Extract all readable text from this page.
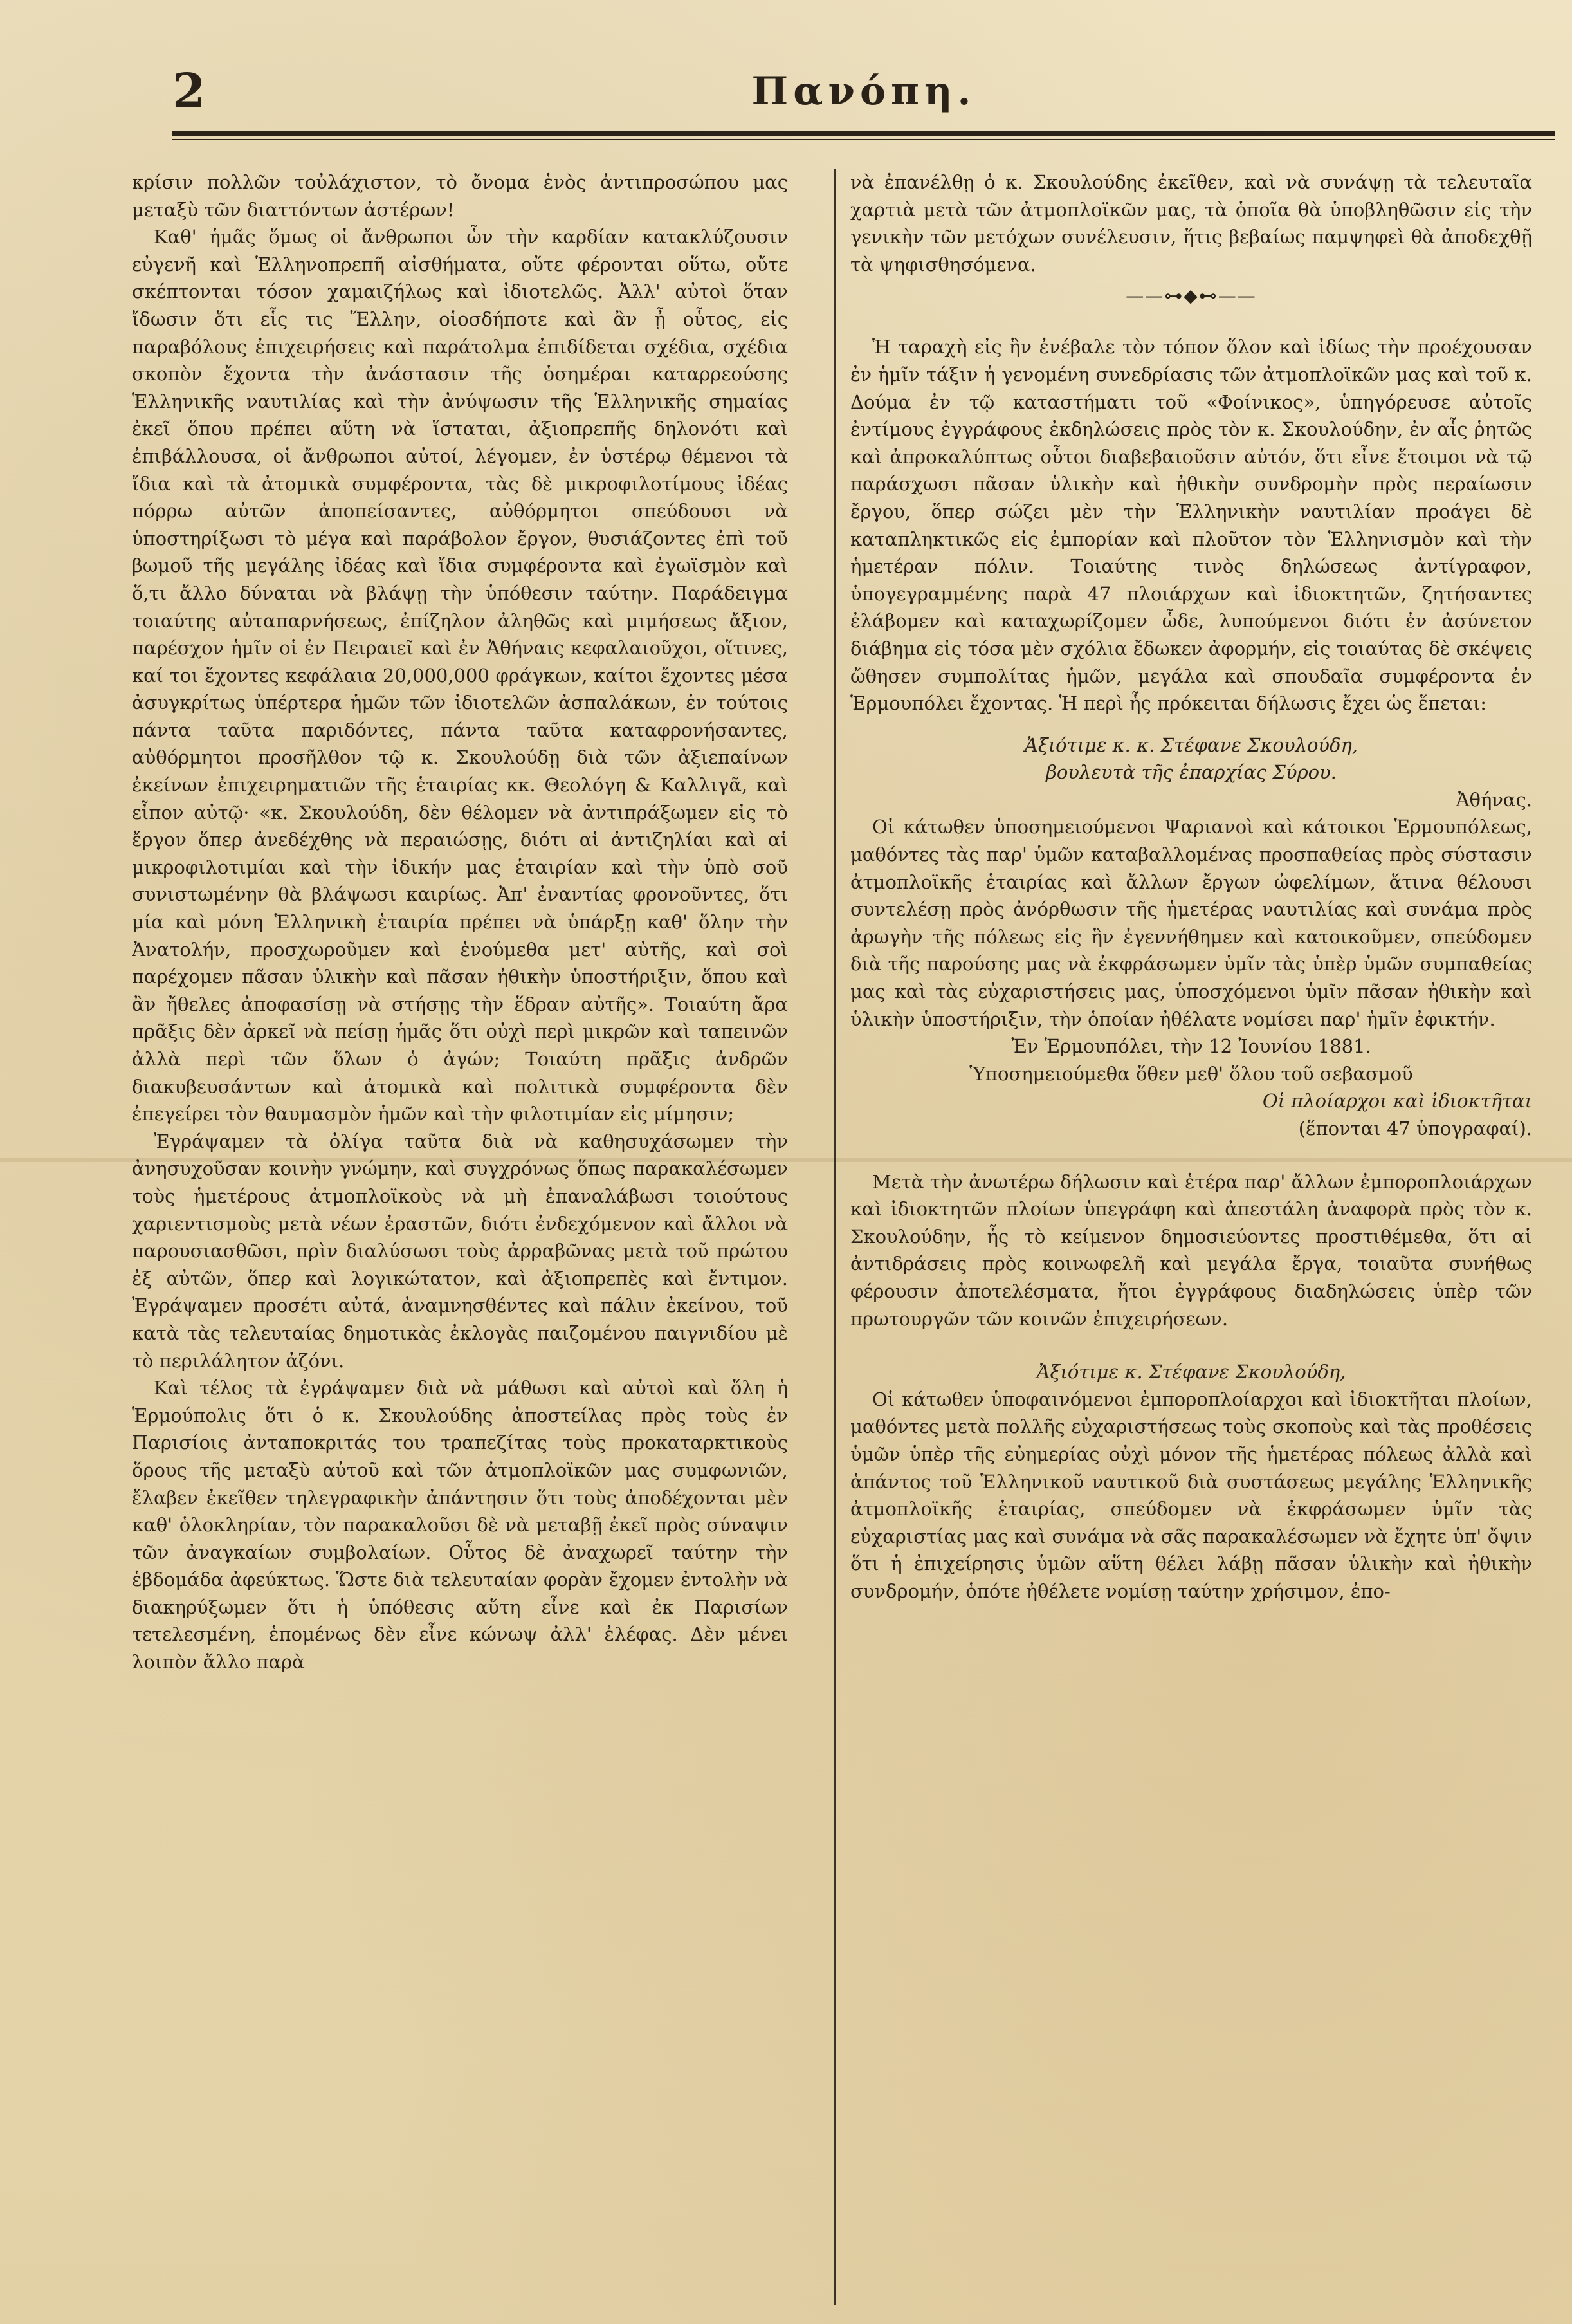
2	Πανόπη.

κρίσιν πολλῶν τοὐλάχιστον, τὸ ὄνομα ἑνὸς ἀντιπροσώπου μας μεταξὺ τῶν διαττόντων ἀστέρων!

Καθ' ἡμᾶς ὅμως οἱ ἄνθρωποι ὧν τὴν καρδίαν κατακλύζουσιν εὐγενῆ καὶ Ἑλληνοπρεπῆ αἰσθήματα, οὔτε φέρονται οὕτω, οὔτε σκέπτονται τόσον χαμαιζήλως καὶ ἰδιοτελῶς. Ἀλλ' αὐτοὶ ὅταν ἴδωσιν ὅτι εἷς τις Ἕλλην, οἱοσδήποτε καὶ ἂν ᾖ οὗτος, εἰς παραβόλους ἐπιχειρήσεις καὶ παράτολμα ἐπιδίδεται σχέδια, σχέδια σκοπὸν ἔχοντα τὴν ἀνάστασιν τῆς ὁσημέραι καταρρεούσης Ἑλληνικῆς ναυτιλίας καὶ τὴν ἀνύψωσιν τῆς Ἑλληνικῆς σημαίας ἐκεῖ ὅπου πρέπει αὕτη νὰ ἵσταται, ἀξιοπρεπῆς δηλονότι καὶ ἐπιβάλλουσα, οἱ ἄνθρωποι αὐτοί, λέγομεν, ἐν ὑστέρῳ θέμενοι τὰ ἴδια καὶ τὰ ἀτομικὰ συμφέροντα, τὰς δὲ μικροφιλοτίμους ἰδέας πόρρω αὐτῶν ἀποπείσαντες, αὐθόρμητοι σπεύδουσι νὰ ὑποστηρίξωσι τὸ μέγα καὶ παράβολον ἔργον, θυσιάζοντες ἐπὶ τοῦ βωμοῦ τῆς μεγάλης ἰδέας καὶ ἴδια συμφέροντα καὶ ἐγωϊσμὸν καὶ ὅ,τι ἄλλο δύναται νὰ βλάψῃ τὴν ὑπόθεσιν ταύτην. Παράδειγμα τοιαύτης αὐταπαρνήσεως, ἐπίζηλον ἀληθῶς καὶ μιμήσεως ἄξιον, παρέσχον ἡμῖν οἱ ἐν Πειραιεῖ καὶ ἐν Ἀθήναις κεφαλαιοῦχοι, οἵτινες, καί τοι ἔχοντες κεφάλαια 20,000,000 φράγκων, καίτοι ἔχοντες μέσα ἀσυγκρίτως ὑπέρτερα ἡμῶν τῶν ἰδιοτελῶν ἀσπαλάκων, ἐν τούτοις πάντα ταῦτα παριδόντες, πάντα ταῦτα καταφρονήσαντες, αὐθόρμητοι προσῆλθον τῷ κ. Σκουλούδῃ διὰ τῶν ἀξιεπαίνων ἐκείνων ἐπιχειρηματιῶν τῆς ἑταιρίας κκ. Θεολόγη & Καλλιγᾶ, καὶ εἶπον αὐτῷ· «κ. Σκουλούδη, δὲν θέλομεν νὰ ἀντιπράξωμεν εἰς τὸ ἔργον ὅπερ ἀνεδέχθης νὰ περαιώσῃς, διότι αἱ ἀντιζηλίαι καὶ αἱ μικροφιλοτιμίαι καὶ τὴν ἰδικήν μας ἑταιρίαν καὶ τὴν ὑπὸ σοῦ συνιστωμένην θὰ βλάψωσι καιρίως. Ἀπ' ἐναντίας φρονοῦντες, ὅτι μία καὶ μόνη Ἑλληνικὴ ἑταιρία πρέπει νὰ ὑπάρξῃ καθ' ὅλην τὴν Ἀνατολήν, προσχωροῦμεν καὶ ἑνούμεθα μετ' αὐτῆς, καὶ σοὶ παρέχομεν πᾶσαν ὑλικὴν καὶ πᾶσαν ἠθικὴν ὑποστήριξιν, ὅπου καὶ ἂν ἤθελες ἀποφασίσῃ νὰ στήσῃς τὴν ἕδραν αὐτῆς». Τοιαύτη ἄρα πρᾶξις δὲν ἀρκεῖ νὰ πείσῃ ἡμᾶς ὅτι οὐχὶ περὶ μικρῶν καὶ ταπεινῶν ἀλλὰ περὶ τῶν ὅλων ὁ ἀγών; Τοιαύτη πρᾶξις ἀνδρῶν διακυβευσάντων καὶ ἀτομικὰ καὶ πολιτικὰ συμφέροντα δὲν ἐπεγείρει τὸν θαυμασμὸν ἡμῶν καὶ τὴν φιλοτιμίαν εἰς μίμησιν;

Ἐγράψαμεν τὰ ὀλίγα ταῦτα διὰ νὰ καθησυχάσωμεν τὴν ἀνησυχοῦσαν κοινὴν γνώμην, καὶ συγχρόνως ὅπως παρακαλέσωμεν τοὺς ἡμετέρους ἀτμοπλοϊκοὺς νὰ μὴ ἐπαναλάβωσι τοιούτους χαριεντισμοὺς μετὰ νέων ἐραστῶν, διότι ἐνδεχόμενον καὶ ἄλλοι νὰ παρουσιασθῶσι, πρὶν διαλύσωσι τοὺς ἀρραβῶνας μετὰ τοῦ πρώτου ἐξ αὐτῶν, ὅπερ καὶ λογικώτατον, καὶ ἀξιοπρεπὲς καὶ ἔντιμον. Ἐγράψαμεν προσέτι αὐτά, ἀναμνησθέντες καὶ πάλιν ἐκείνου, τοῦ κατὰ τὰς τελευταίας δημοτικὰς ἐκλογὰς παιζομένου παιγνιδίου μὲ τὸ περιλάλητον ἀζόνι.

Καὶ τέλος τὰ ἐγράψαμεν διὰ νὰ μάθωσι καὶ αὐτοὶ καὶ ὅλη ἡ Ἑρμούπολις ὅτι ὁ κ. Σκουλούδης ἀποστείλας πρὸς τοὺς ἐν Παρισίοις ἀνταποκριτάς του τραπεζίτας τοὺς προκαταρκτικοὺς ὅρους τῆς μεταξὺ αὐτοῦ καὶ τῶν ἀτμοπλοϊκῶν μας συμφωνιῶν, ἔλαβεν ἐκεῖθεν τηλεγραφικὴν ἀπάντησιν ὅτι τοὺς ἀποδέχονται μὲν καθ' ὁλοκληρίαν, τὸν παρακαλοῦσι δὲ νὰ μεταβῇ ἐκεῖ πρὸς σύναψιν τῶν ἀναγκαίων συμβολαίων. Οὗτος δὲ ἀναχωρεῖ ταύτην τὴν ἑβδομάδα ἀφεύκτως. Ὥστε διὰ τελευταίαν φορὰν ἔχομεν ἐντολὴν νὰ διακηρύξωμεν ὅτι ἡ ὑπόθεσις αὕτη εἶνε καὶ ἐκ Παρισίων τετελεσμένη, ἑπομένως δὲν εἶνε κώνωψ ἀλλ' ἐλέφας. Δὲν μένει λοιπὸν ἄλλο παρὰ

νὰ ἐπανέλθῃ ὁ κ. Σκουλούδης ἐκεῖθεν, καὶ νὰ συνάψῃ τὰ τελευταῖα χαρτιὰ μετὰ τῶν ἀτμοπλοϊκῶν μας, τὰ ὁποῖα θὰ ὑποβληθῶσιν εἰς τὴν γενικὴν τῶν μετόχων συνέλευσιν, ἥτις βεβαίως παμψηφεὶ θὰ ἀποδεχθῇ τὰ ψηφισθησόμενα.

——⊶◆⊷——

Ἡ ταραχὴ εἰς ἣν ἐνέβαλε τὸν τόπον ὅλον καὶ ἰδίως τὴν προέχουσαν ἐν ἡμῖν τάξιν ἡ γενομένη συνεδρίασις τῶν ἀτμοπλοϊκῶν μας καὶ τοῦ κ. Δούμα ἐν τῷ καταστήματι τοῦ «Φοίνικος», ὑπηγόρευσε αὐτοῖς ἐντίμους ἐγγράφους ἐκδηλώσεις πρὸς τὸν κ. Σκουλούδην, ἐν αἷς ῥητῶς καὶ ἀπροκαλύπτως οὗτοι διαβεβαιοῦσιν αὐτόν, ὅτι εἶνε ἕτοιμοι νὰ τῷ παράσχωσι πᾶσαν ὑλικὴν καὶ ἠθικὴν συνδρομὴν πρὸς περαίωσιν ἔργου, ὅπερ σώζει μὲν τὴν Ἑλληνικὴν ναυτιλίαν προάγει δὲ καταπληκτικῶς εἰς ἐμπορίαν καὶ πλοῦτον τὸν Ἑλληνισμὸν καὶ τὴν ἡμετέραν πόλιν. Τοιαύτης τινὸς δηλώσεως ἀντίγραφον, ὑπογεγραμμένης παρὰ 47 πλοιάρχων καὶ ἰδιοκτητῶν, ζητήσαντες ἐλάβομεν καὶ καταχωρίζομεν ὧδε, λυπούμενοι διότι ἐν ἀσύνετον διάβημα εἰς τόσα μὲν σχόλια ἔδωκεν ἀφορμήν, εἰς τοιαύτας δὲ σκέψεις ὤθησεν συμπολίτας ἡμῶν, μεγάλα καὶ σπουδαῖα συμφέροντα ἐν Ἑρμουπόλει ἔχοντας. Ἡ περὶ ἧς πρόκειται δήλωσις ἔχει ὡς ἕπεται:

Ἀξιότιμε κ. κ. Στέφανε Σκουλούδη,

βουλευτὰ τῆς ἐπαρχίας Σύρου.

Ἀθήνας.

Οἱ κάτωθεν ὑποσημειούμενοι Ψαριανοὶ καὶ κάτοικοι Ἑρμουπόλεως, μαθόντες τὰς παρ' ὑμῶν καταβαλλομένας προσπαθείας πρὸς σύστασιν ἀτμοπλοϊκῆς ἑταιρίας καὶ ἄλλων ἔργων ὠφελίμων, ἅτινα θέλουσι συντελέσῃ πρὸς ἀνόρθωσιν τῆς ἡμετέρας ναυτιλίας καὶ συνάμα πρὸς ἀρωγὴν τῆς πόλεως εἰς ἣν ἐγεννήθημεν καὶ κατοικοῦμεν, σπεύδομεν διὰ τῆς παρούσης μας νὰ ἐκφράσωμεν ὑμῖν τὰς ὑπὲρ ὑμῶν συμπαθείας μας καὶ τὰς εὐχαριστήσεις μας, ὑποσχόμενοι ὑμῖν πᾶσαν ἠθικὴν καὶ ὑλικὴν ὑποστήριξιν, τὴν ὁποίαν ἠθέλατε νομίσει παρ' ἡμῖν ἐφικτήν.

Ἐν Ἑρμουπόλει, τὴν 12 Ἰουνίου 1881.

Ὑποσημειούμεθα ὅθεν μεθ' ὅλου τοῦ σεβασμοῦ

Οἱ πλοίαρχοι καὶ ἰδιοκτῆται

(ἕπονται 47 ὑπογραφαί).

Μετὰ τὴν ἀνωτέρω δήλωσιν καὶ ἑτέρα παρ' ἄλλων ἐμποροπλοιάρχων καὶ ἰδιοκτητῶν πλοίων ὑπεγράφη καὶ ἀπεστάλη ἀναφορὰ πρὸς τὸν κ. Σκουλούδην, ἧς τὸ κείμενον δημοσιεύοντες προστιθέμεθα, ὅτι αἱ ἀντιδράσεις πρὸς κοινωφελῆ καὶ μεγάλα ἔργα, τοιαῦτα συνήθως φέρουσιν ἀποτελέσματα, ἤτοι ἐγγράφους διαδηλώσεις ὑπὲρ τῶν πρωτουργῶν τῶν κοινῶν ἐπιχειρήσεων.

Ἀξιότιμε κ. Στέφανε Σκουλούδη,

Οἱ κάτωθεν ὑποφαινόμενοι ἐμποροπλοίαρχοι καὶ ἰδιοκτῆται πλοίων, μαθόντες μετὰ πολλῆς εὐχαριστήσεως τοὺς σκοποὺς καὶ τὰς προθέσεις ὑμῶν ὑπὲρ τῆς εὐημερίας οὐχὶ μόνον τῆς ἡμετέρας πόλεως ἀλλὰ καὶ ἁπάντος τοῦ Ἑλληνικοῦ ναυτικοῦ διὰ συστάσεως μεγάλης Ἑλληνικῆς ἀτμοπλοϊκῆς ἑταιρίας, σπεύδομεν νὰ ἐκφράσωμεν ὑμῖν τὰς εὐχαριστίας μας καὶ συνάμα νὰ σᾶς παρακαλέσωμεν νὰ ἔχητε ὑπ' ὄψιν ὅτι ἡ ἐπιχείρησις ὑμῶν αὕτη θέλει λάβῃ πᾶσαν ὑλικὴν καὶ ἠθικὴν συνδρομήν, ὁπότε ἠθέλετε νομίσῃ ταύτην χρήσιμον, ἐπο-
